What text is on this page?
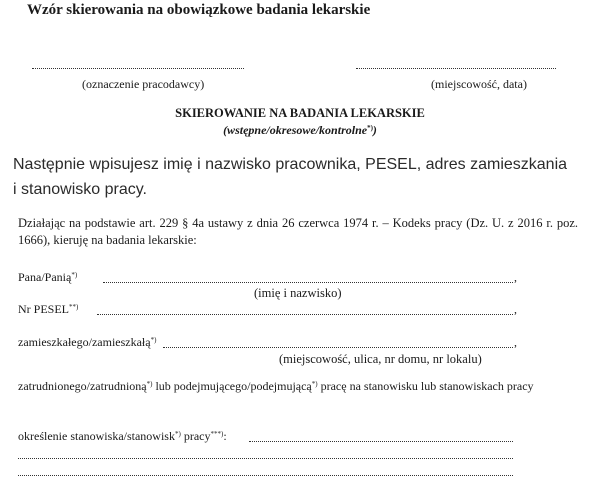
Wzór skierowania na obowiązkowe badania lekarskie
(oznaczenie pracodawcy)	(miejscowość, data)
SKIEROWANIE NA BADANIA LEKARSKIE
(wstępne/okresowe/kontrolne*))
Następnie wpisujesz imię i nazwisko pracownika, PESEL, adres zamieszkania i stanowisko pracy.
Działając na podstawie art. 229 § 4a ustawy z dnia 26 czerwca 1974 r. – Kodeks pracy (Dz. U. z 2016 r. poz. 1666), kieruję na badania lekarskie:
Pana/Panią*)	,
(imię i nazwisko)
Nr PESEL**)	,
zamieszkałego/zamieszkałą*)	,
(miejscowość, ulica, nr domu, nr lokalu)
zatrudnionego/zatrudnioną*) lub podejmującego/podejmującą*) pracę na stanowisku lub stanowiskach pracy
określenie stanowiska/stanowisk*) pracy***):
